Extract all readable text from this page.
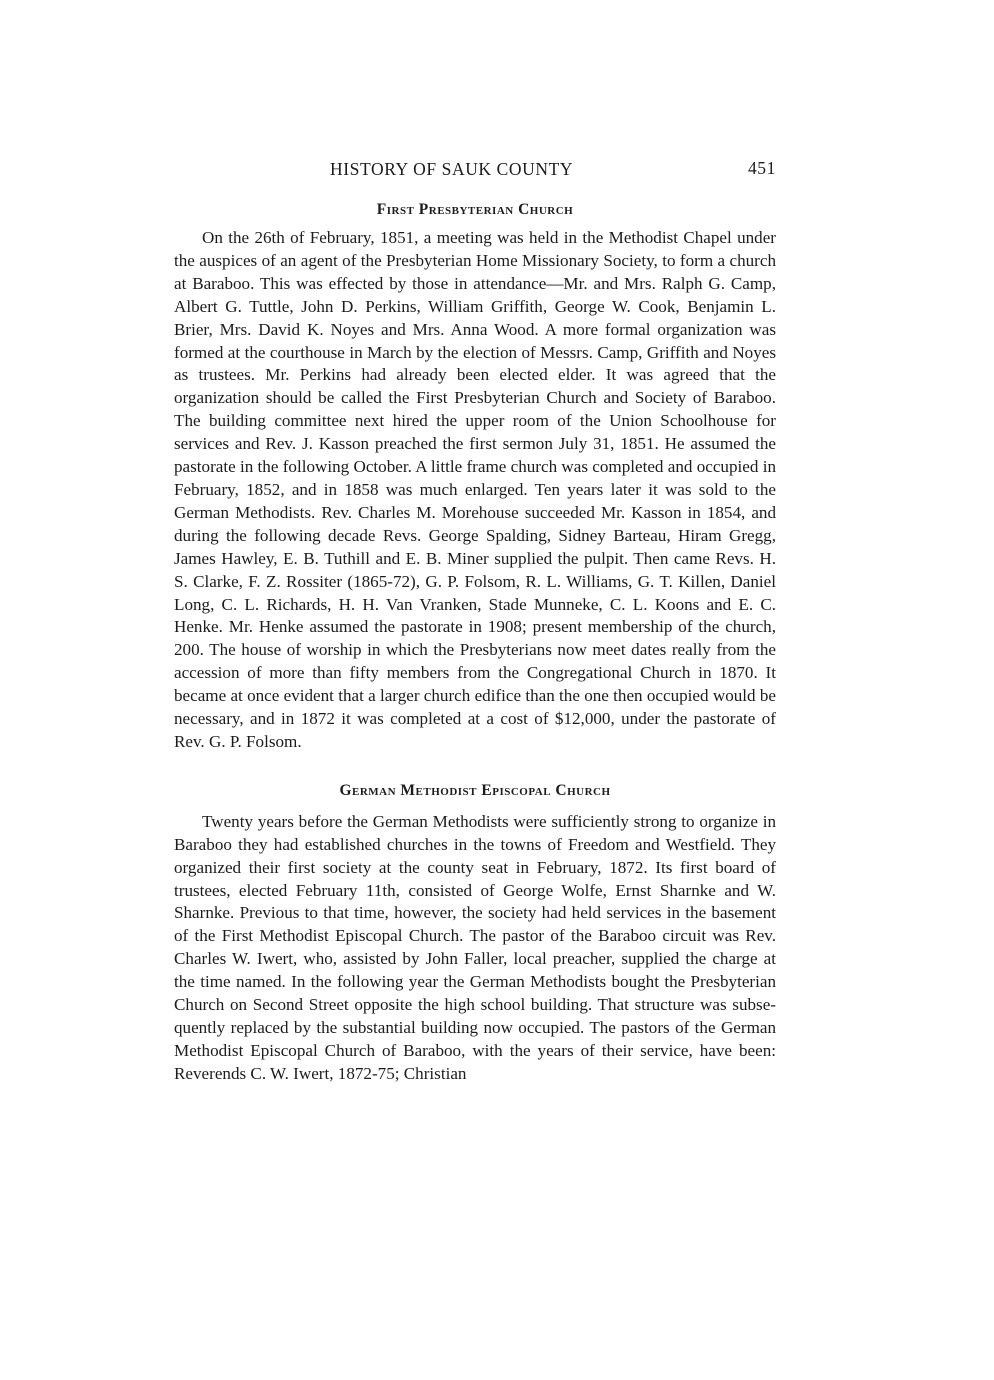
HISTORY OF SAUK COUNTY	451
First Presbyterian Church

On the 26th of February, 1851, a meeting was held in the Methodist Chapel under the auspices of an agent of the Presbyterian Home Missionary Society, to form a church at Baraboo. This was effected by those in attendance—Mr. and Mrs. Ralph G. Camp, Albert G. Tuttle, John D. Perkins, William Griffith, George W. Cook, Benjamin L. Brier, Mrs. David K. Noyes and Mrs. Anna Wood. A more formal organization was formed at the courthouse in March by the election of Messrs. Camp, Griffith and Noyes as trustees. Mr. Perkins had already been elected elder. It was agreed that the organization should be called the First Presbyterian Church and Society of Baraboo. The building committee next hired the upper room of the Union Schoolhouse for services and Rev. J. Kasson preached the first sermon July 31, 1851. He assumed the pastorate in the following October. A little frame church was completed and occupied in February, 1852, and in 1858 was much enlarged. Ten years later it was sold to the German Methodists. Rev. Charles M. Morehouse succeeded Mr. Kasson in 1854, and during the following decade Revs. George Spalding, Sidney Barteau, Hiram Gregg, James Hawley, E. B. Tuthill and E. B. Miner supplied the pulpit. Then came Revs. H. S. Clarke, F. Z. Rossiter (1865-72), G. P. Folsom, R. L. Williams, G. T. Killen, Daniel Long, C. L. Richards, H. H. Van Vranken, Stade Munneke, C. L. Koons and E. C. Henke. Mr. Henke assumed the pastorate in 1908; present membership of the church, 200. The house of worship in which the Presbyterians now meet dates really from the accession of more than fifty members from the Congregational Church in 1870. It became at once evident that a larger church edifice than the one then occupied would be necessary, and in 1872 it was completed at a cost of $12,000, under the pastorate of Rev. G. P. Folsom.

German Methodist Episcopal Church

Twenty years before the German Methodists were sufficiently strong to organize in Baraboo they had established churches in the towns of Freedom and Westfield. They organized their first society at the county seat in February, 1872. Its first board of trustees, elected February 11th, consisted of George Wolfe, Ernst Sharnke and W. Sharnke. Previous to that time, however, the society had held services in the basement of the First Methodist Episcopal Church. The pastor of the Baraboo circuit was Rev. Charles W. Iwert, who, assisted by John Faller, local preacher, supplied the charge at the time named. In the following year the German Methodists bought the Presbyterian Church on Second Street opposite the high school building. That structure was subsequently replaced by the substantial building now occupied. The pastors of the German Methodist Episcopal Church of Baraboo, with the years of their service, have been: Reverends C. W. Iwert, 1872-75; Christian
